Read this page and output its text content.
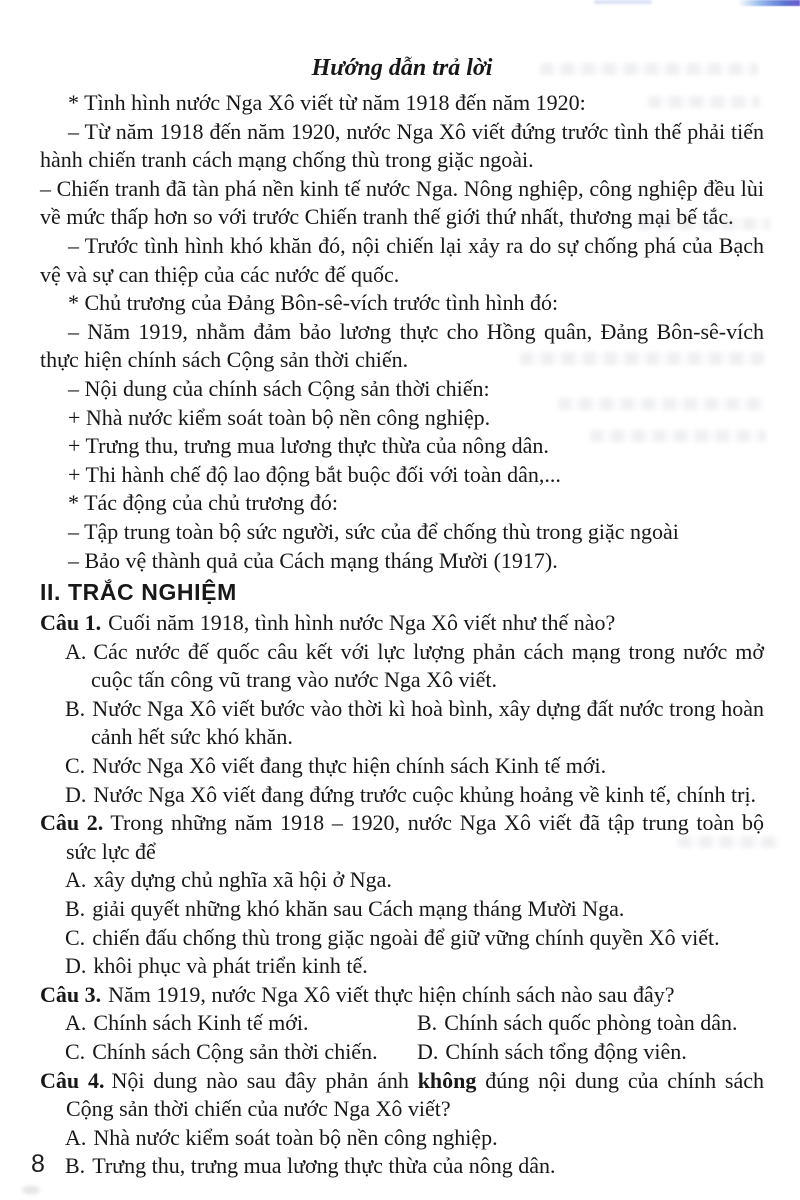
Hướng dẫn trả lời

* Tình hình nước Nga Xô viết từ năm 1918 đến năm 1920:

– Từ năm 1918 đến năm 1920, nước Nga Xô viết đứng trước tình thế phải tiến hành chiến tranh cách mạng chống thù trong giặc ngoài.

– Chiến tranh đã tàn phá nền kinh tế nước Nga. Nông nghiệp, công nghiệp đều lùi về mức thấp hơn so với trước Chiến tranh thế giới thứ nhất, thương mại bế tắc.

– Trước tình hình khó khăn đó, nội chiến lại xảy ra do sự chống phá của Bạch vệ và sự can thiệp của các nước đế quốc.

* Chủ trương của Đảng Bôn-sê-vích trước tình hình đó:

– Năm 1919, nhằm đảm bảo lương thực cho Hồng quân, Đảng Bôn-sê-vích thực hiện chính sách Cộng sản thời chiến.

– Nội dung của chính sách Cộng sản thời chiến:

+ Nhà nước kiểm soát toàn bộ nền công nghiệp.

+ Trưng thu, trưng mua lương thực thừa của nông dân.

+ Thi hành chế độ lao động bắt buộc đối với toàn dân,...

* Tác động của chủ trương đó:

– Tập trung toàn bộ sức người, sức của để chống thù trong giặc ngoài

– Bảo vệ thành quả của Cách mạng tháng Mười (1917).

II. TRẮC NGHIỆM

Câu 1. Cuối năm 1918, tình hình nước Nga Xô viết như thế nào?

A. Các nước đế quốc câu kết với lực lượng phản cách mạng trong nước mở cuộc tấn công vũ trang vào nước Nga Xô viết.
B. Nước Nga Xô viết bước vào thời kì hoà bình, xây dựng đất nước trong hoàn cảnh hết sức khó khăn.
C. Nước Nga Xô viết đang thực hiện chính sách Kinh tế mới.
D. Nước Nga Xô viết đang đứng trước cuộc khủng hoảng về kinh tế, chính trị.

Câu 2. Trong những năm 1918 – 1920, nước Nga Xô viết đã tập trung toàn bộ sức lực để

A. xây dựng chủ nghĩa xã hội ở Nga.
B. giải quyết những khó khăn sau Cách mạng tháng Mười Nga.
C. chiến đấu chống thù trong giặc ngoài để giữ vững chính quyền Xô viết.
D. khôi phục và phát triển kinh tế.

Câu 3. Năm 1919, nước Nga Xô viết thực hiện chính sách nào sau đây?

A. Chính sách Kinh tế mới.	B. Chính sách quốc phòng toàn dân.
C. Chính sách Cộng sản thời chiến.	D. Chính sách tổng động viên.

Câu 4. Nội dung nào sau đây phản ánh không đúng nội dung của chính sách Cộng sản thời chiến của nước Nga Xô viết?

A. Nhà nước kiểm soát toàn bộ nền công nghiệp.
B. Trưng thu, trưng mua lương thực thừa của nông dân.
8
